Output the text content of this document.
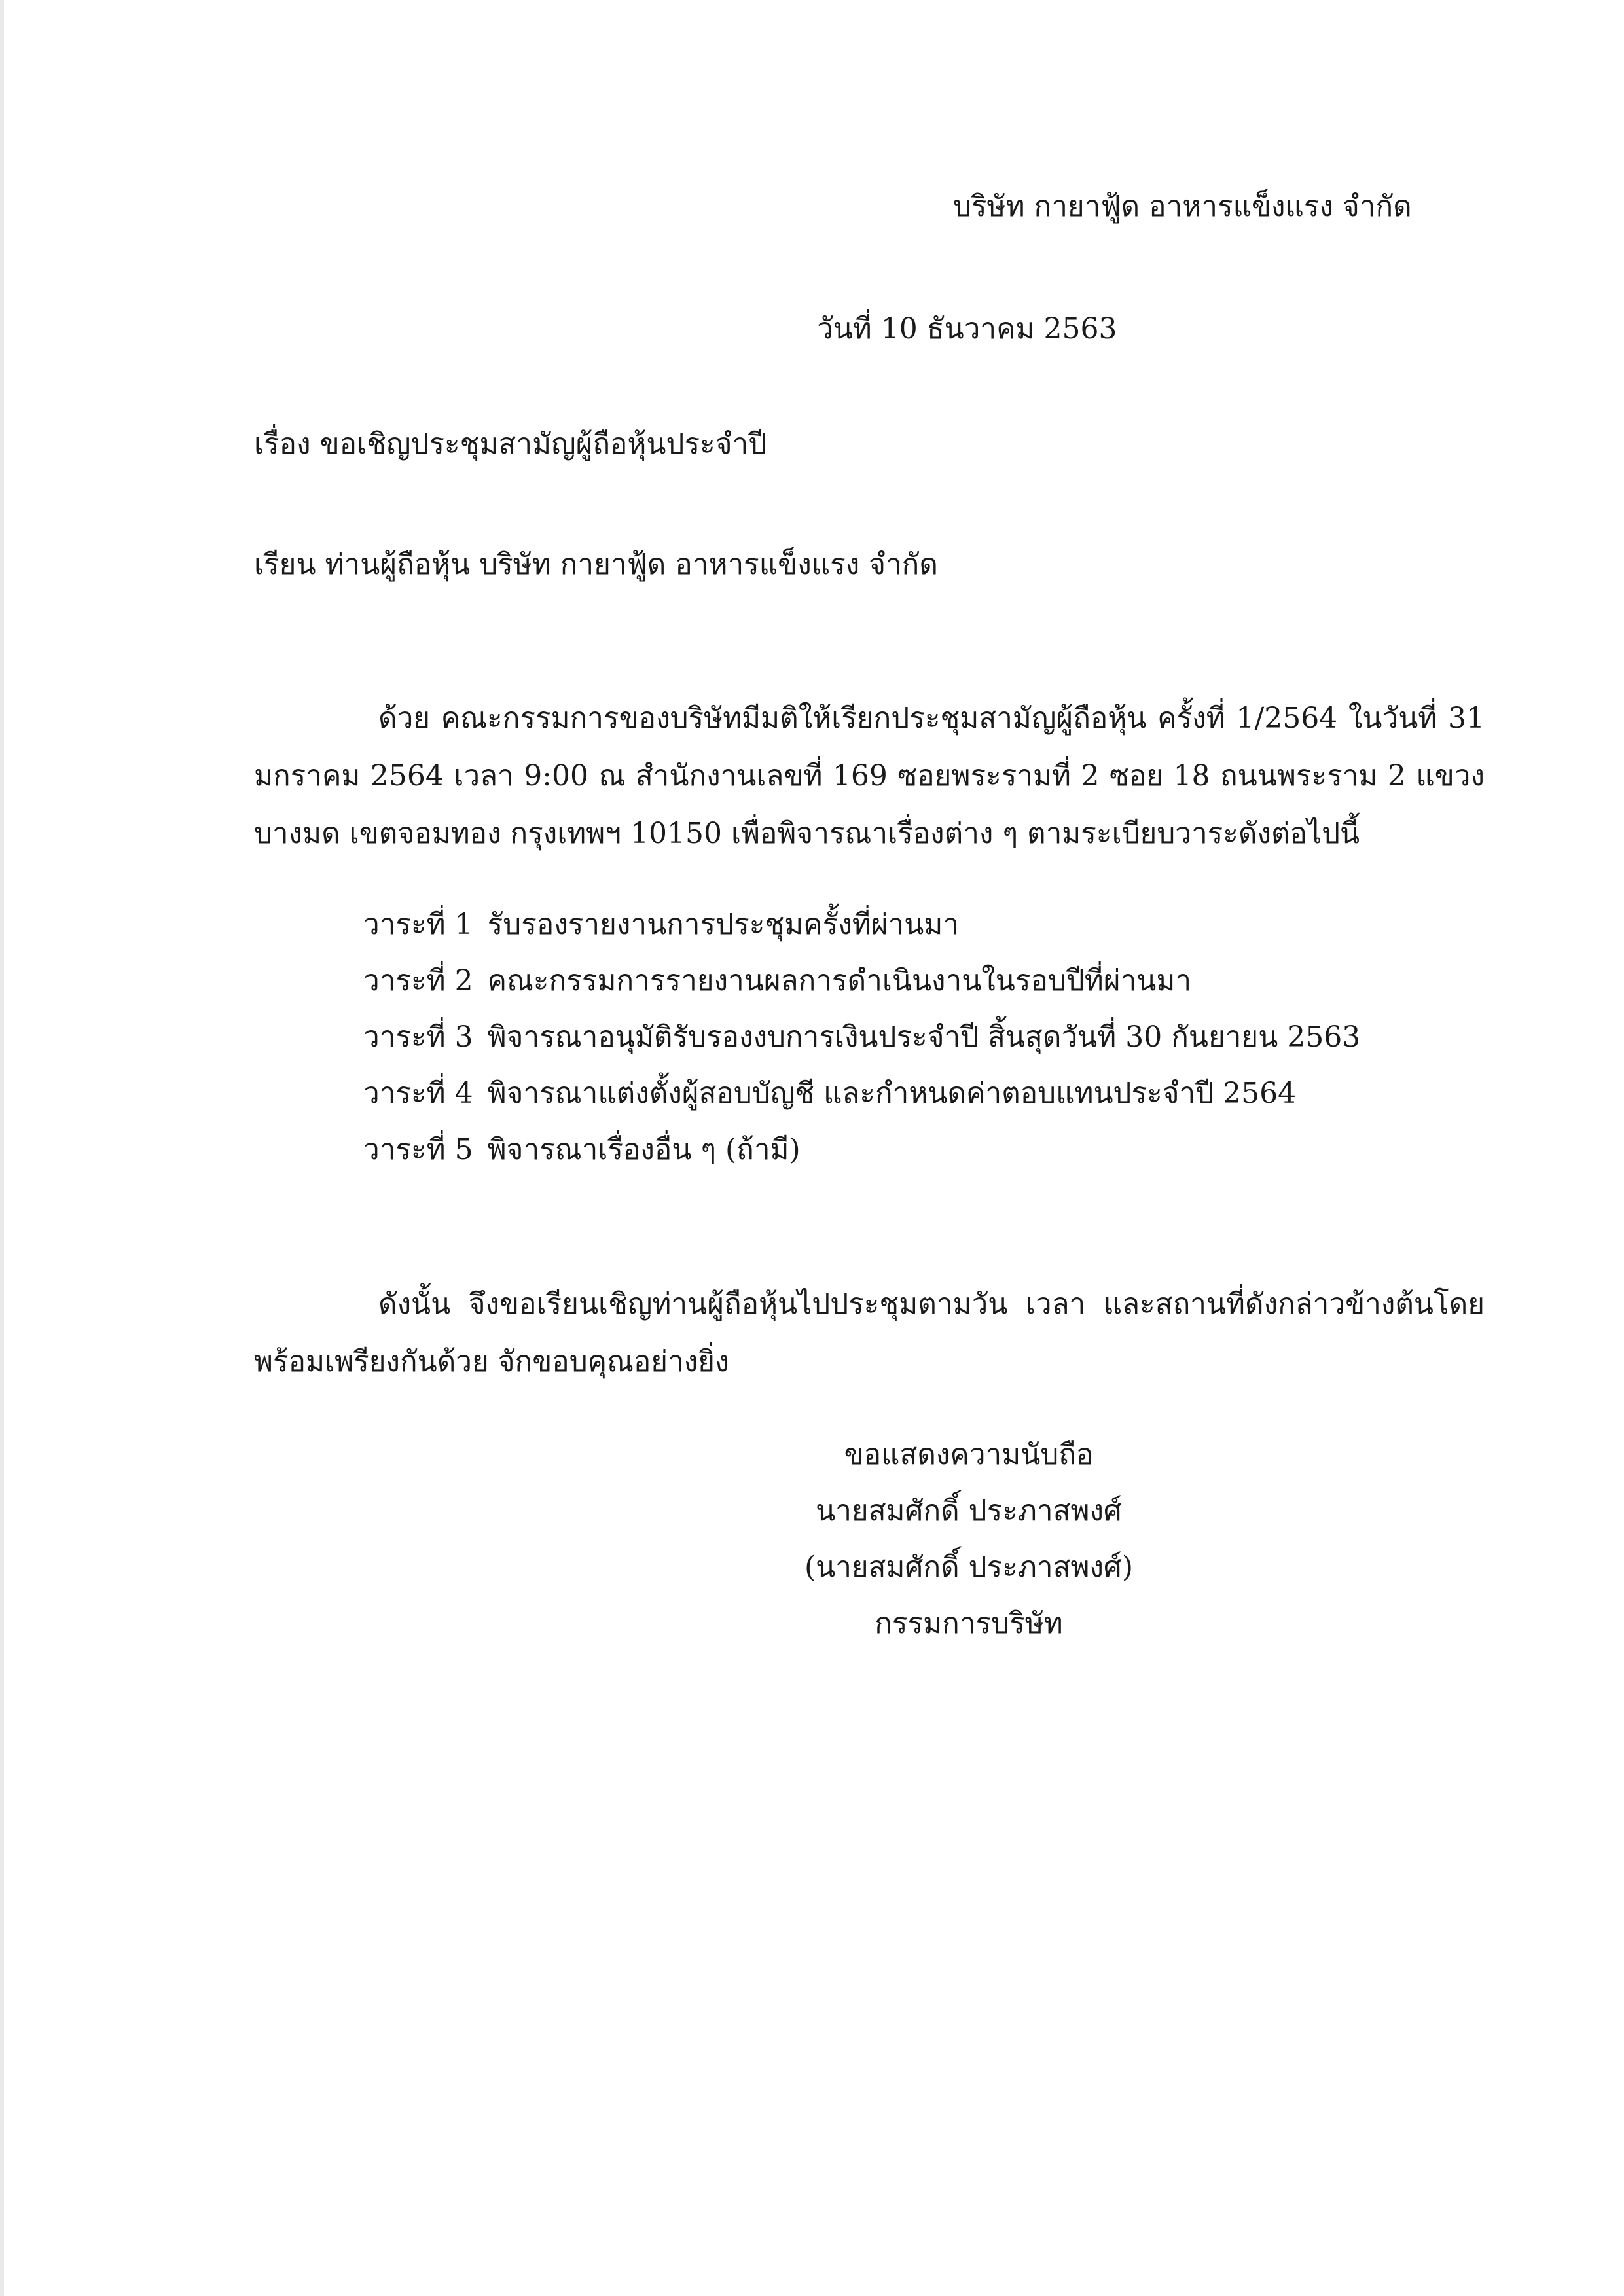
บริษัท กายาฟู้ด อาหารแข็งแรง จำกัด
วันที่ 10 ธันวาคม 2563
เรื่อง ขอเชิญประชุมสามัญผู้ถือหุ้นประจำปี
เรียน ท่านผู้ถือหุ้น บริษัท กายาฟู้ด อาหารแข็งแรง จำกัด

ด้วย คณะกรรมการของบริษัทมีมติให้เรียกประชุมสามัญผู้ถือหุ้น ครั้งที่ 1/2564 ในวันที่ 31 มกราคม 2564 เวลา 9:00 ณ สำนักงานเลขที่ 169 ซอยพระรามที่ 2 ซอย 18 ถนนพระราม 2 แขวงบางมด เขตจอมทอง กรุงเทพฯ 10150 เพื่อพิจารณาเรื่องต่าง ๆ ตามระเบียบวาระดังต่อไปนี้

วาระที่ 1 รับรองรายงานการประชุมครั้งที่ผ่านมา
วาระที่ 2 คณะกรรมการรายงานผลการดำเนินงานในรอบปีที่ผ่านมา
วาระที่ 3 พิจารณาอนุมัติรับรองงบการเงินประจำปี สิ้นสุดวันที่ 30 กันยายน 2563
วาระที่ 4 พิจารณาแต่งตั้งผู้สอบบัญชี และกำหนดค่าตอบแทนประจำปี 2564
วาระที่ 5 พิจารณาเรื่องอื่น ๆ (ถ้ามี)

ดังนั้น จึงขอเรียนเชิญท่านผู้ถือหุ้นไปประชุมตามวัน เวลา และสถานที่ดังกล่าวข้างต้นโดยพร้อมเพรียงกันด้วย จักขอบคุณอย่างยิ่ง

ขอแสดงความนับถือ
นายสมศักดิ์ ประภาสพงศ์
(นายสมศักดิ์ ประภาสพงศ์)
กรรมการบริษัท
